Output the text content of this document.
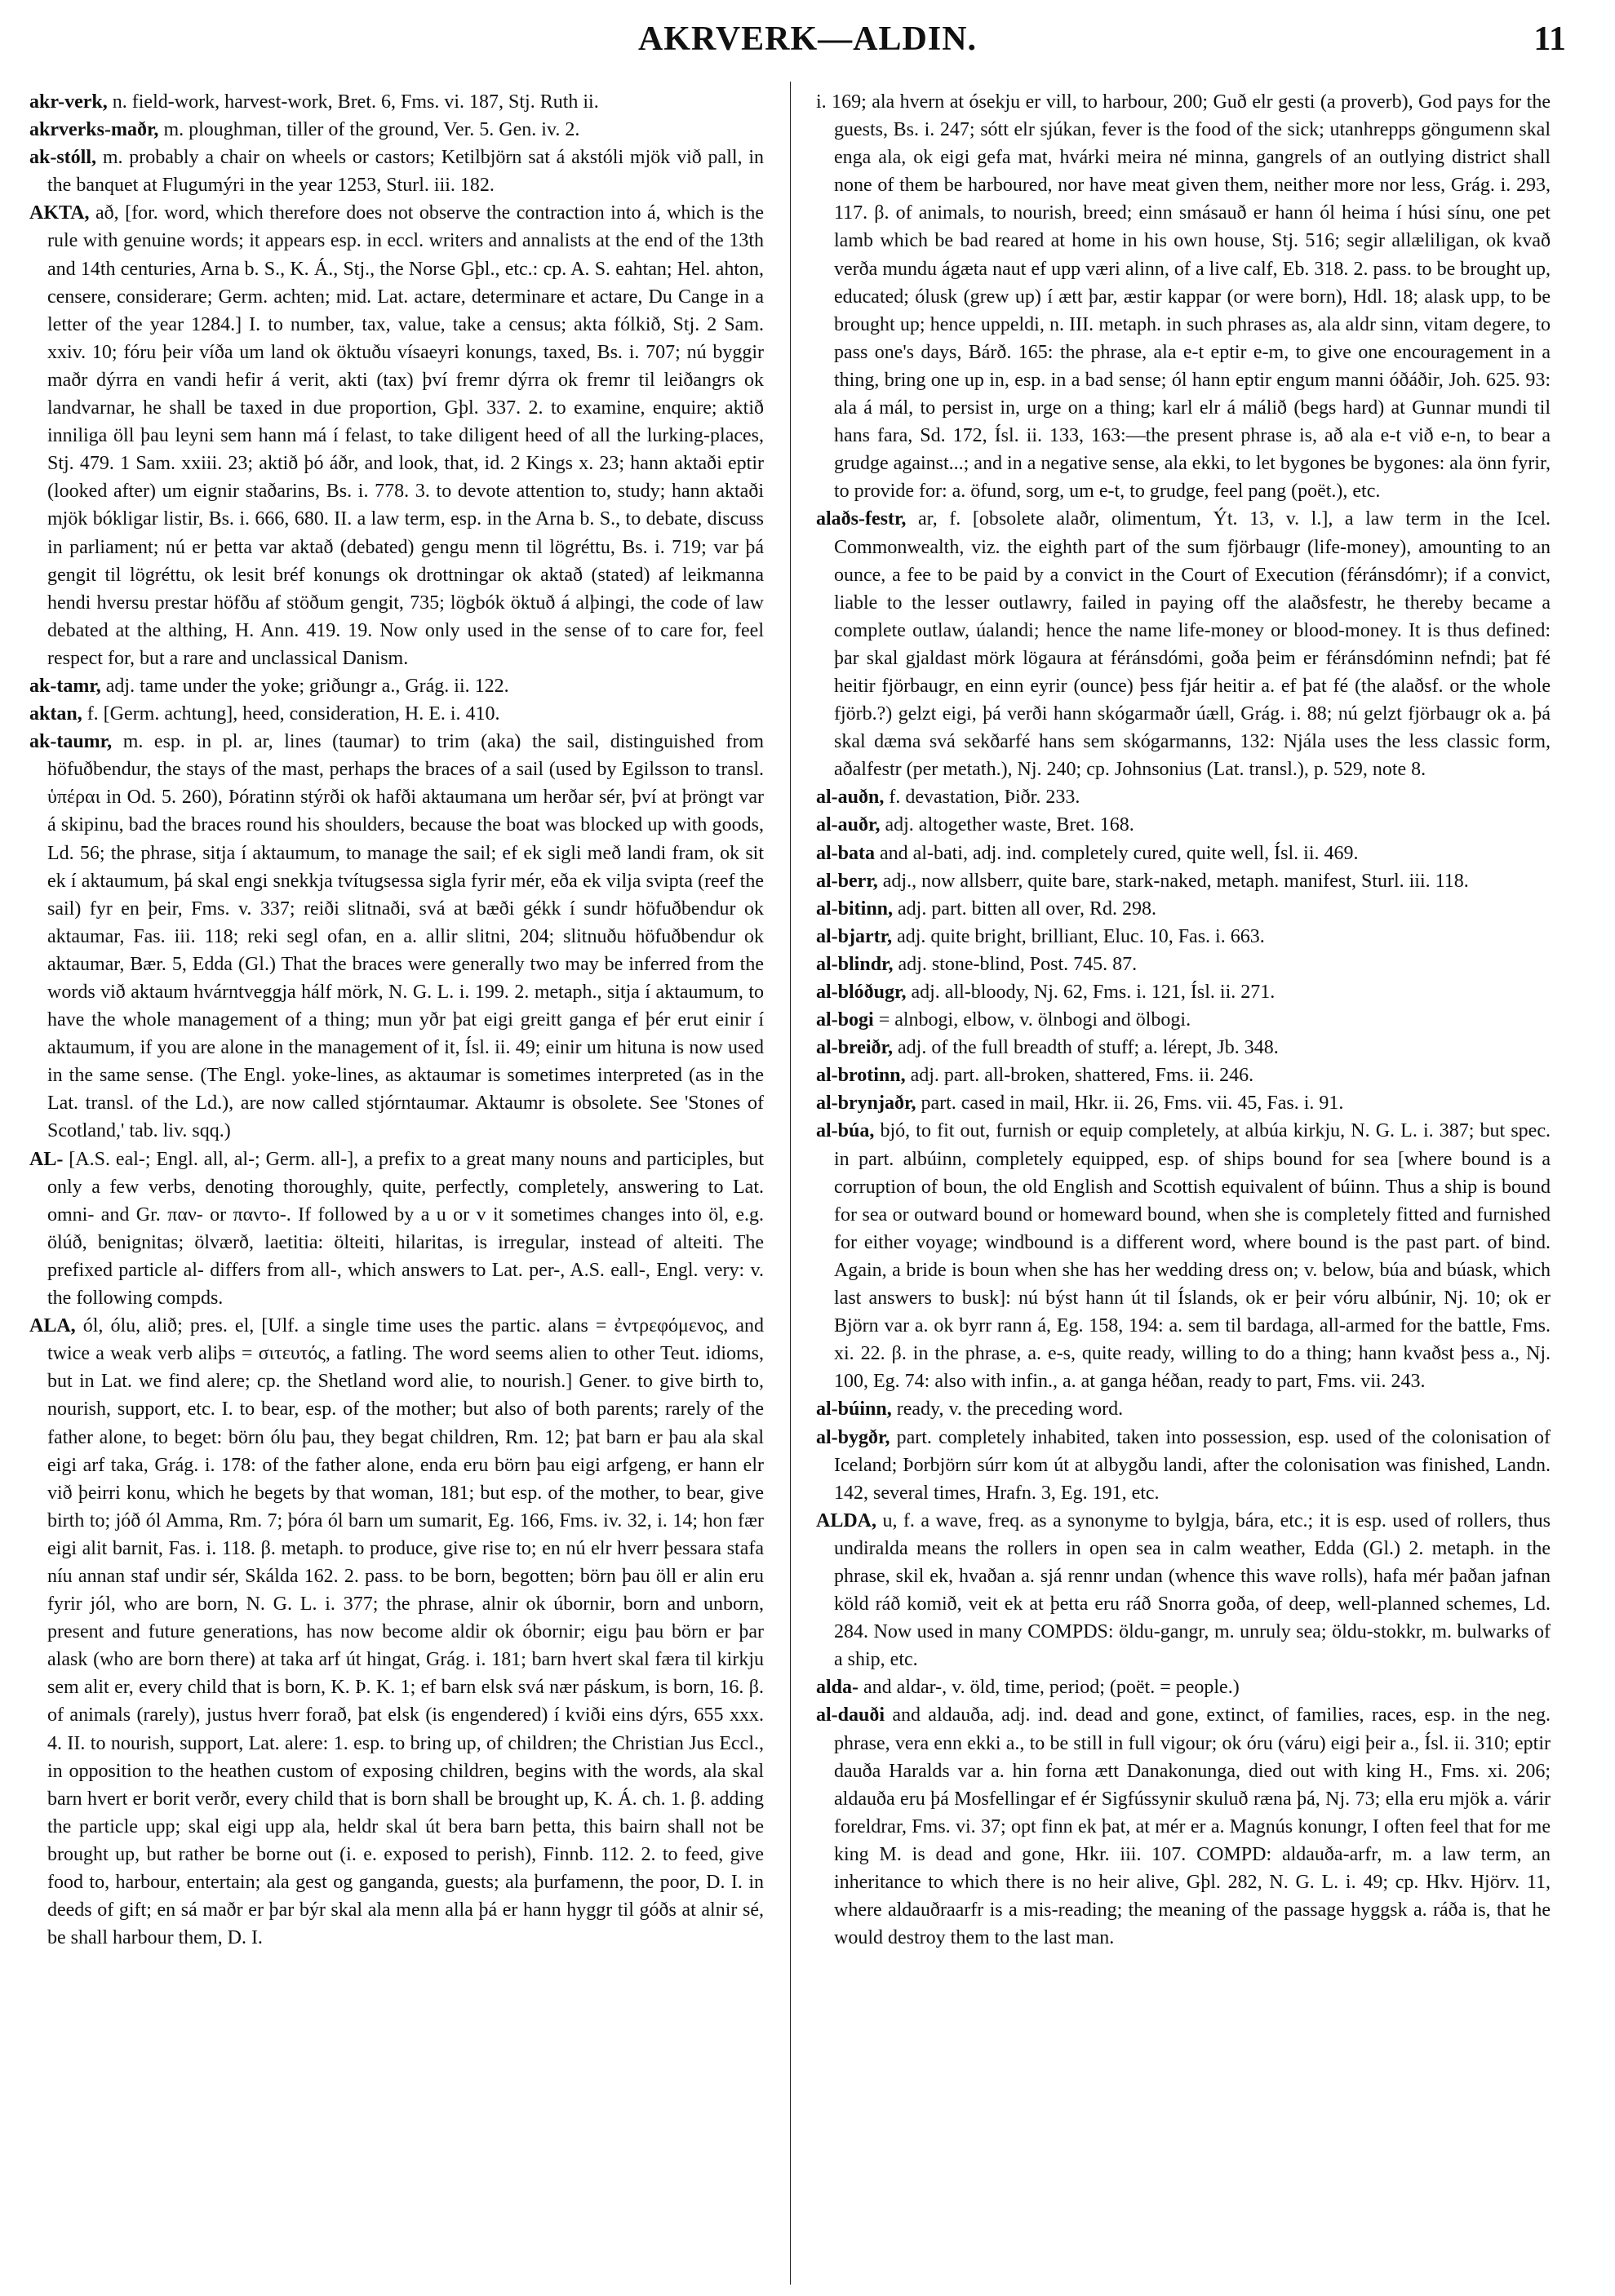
AKRVERK—ALDIN.	11

akr-verk, n. field-work, harvest-work, Bret. 6, Fms. vi. 187, Stj. Ruth ii.

akrverks-maðr, m. ploughman, tiller of the ground, Ver. 5. Gen. iv. 2.

ak-stóll, m. probably a chair on wheels or castors; Ketilbjörn sat á akstóli mjök við pall, in the banquet at Flugumýri in the year 1253, Sturl. iii. 182.

AKTA, að, [for. word, which therefore does not observe the contraction into á, which is the rule with genuine words; it appears esp. in eccl. writers and annalists at the end of the 13th and 14th centuries, Arna b. S., K. Á., Stj., the Norse Gþl., etc.: cp. A. S. eahtan; Hel. ahton, censere, considerare; Germ. achten; mid. Lat. actare, determinare et actare, Du Cange in a letter of the year 1284.] I. to number, tax, value, take a census; akta fólkið, Stj. 2 Sam. xxiv. 10; fóru þeir víða um land ok öktuðu vísaeyri konungs, taxed, Bs. i. 707; nú byggir maðr dýrra en vandi hefir á verit, akti (tax) því fremr dýrra ok fremr til leiðangrs ok landvarnar, he shall be taxed in due proportion, Gþl. 337. 2. to examine, enquire; aktið inniliga öll þau leyni sem hann má í felast, to take diligent heed of all the lurking-places, Stj. 479. 1 Sam. xxiii. 23; aktið þó áðr, and look, that, id. 2 Kings x. 23; hann aktaði eptir (looked after) um eignir staðarins, Bs. i. 778. 3. to devote attention to, study; hann aktaði mjök bókligar listir, Bs. i. 666, 680. II. a law term, esp. in the Arna b. S., to debate, discuss in parliament; nú er þetta var aktað (debated) gengu menn til lögréttu, Bs. i. 719; var þá gengit til lögréttu, ok lesit bréf konungs ok drottningar ok aktað (stated) af leikmanna hendi hversu prestar höfðu af stöðum gengit, 735; lögbók öktuð á alþingi, the code of law debated at the althing, H. Ann. 419. 19. Now only used in the sense of to care for, feel respect for, but a rare and unclassical Danism.

ak-tamr, adj. tame under the yoke; griðungr a., Grág. ii. 122.

aktan, f. [Germ. achtung], heed, consideration, H. E. i. 410.

ak-taumr, m. esp. in pl. ar, lines (taumar) to trim (aka) the sail, distinguished from höfuðbendur, the stays of the mast, perhaps the braces of a sail (used by Egilsson to transl. ὑπέραι in Od. 5. 260), Þóratinn stýrði ok hafði aktaumana um herðar sér, því at þröngt var á skipinu, bad the braces round his shoulders, because the boat was blocked up with goods, Ld. 56; the phrase, sitja í aktaumum, to manage the sail; ef ek sigli með landi fram, ok sit ek í aktaumum, þá skal engi snekkja tvítugsessa sigla fyrir mér, eða ek vilja svipta (reef the sail) fyr en þeir, Fms. v. 337; reiði slitnaði, svá at bæði gékk í sundr höfuðbendur ok aktaumar, Fas. iii. 118; reki segl ofan, en a. allir slitni, 204; slitnuðu höfuðbendur ok aktaumar, Bær. 5, Edda (Gl.) That the braces were generally two may be inferred from the words við aktaum hvárntveggja hálf mörk, N. G. L. i. 199. 2. metaph., sitja í aktaumum, to have the whole management of a thing; mun yðr þat eigi greitt ganga ef þér erut einir í aktaumum, if you are alone in the management of it, Ísl. ii. 49; einir um hituna is now used in the same sense. (The Engl. yoke-lines, as aktaumar is sometimes interpreted (as in the Lat. transl. of the Ld.), are now called stjórntaumar. Aktaumr is obsolete. See 'Stones of Scotland,' tab. liv. sqq.)

AL- [A.S. eal-; Engl. all, al-; Germ. all-], a prefix to a great many nouns and participles, but only a few verbs, denoting thoroughly, quite, perfectly, completely, answering to Lat. omni- and Gr. παν- or παντο-. If followed by a u or v it sometimes changes into öl, e.g. ölúð, benignitas; ölværð, laetitia: ölteiti, hilaritas, is irregular, instead of alteiti. The prefixed particle al- differs from all-, which answers to Lat. per-, A.S. eall-, Engl. very: v. the following compds.

ALA, ól, ólu, alið; pres. el, [Ulf. a single time uses the partic. alans = ἐντρεφόμενος, and twice a weak verb aliþs = σιτευτός, a fatling. The word seems alien to other Teut. idioms, but in Lat. we find alere; cp. the Shetland word alie, to nourish.] Gener. to give birth to, nourish, support, etc. I. to bear, esp. of the mother; but also of both parents; rarely of the father alone, to beget: börn ólu þau, they begat children, Rm. 12; þat barn er þau ala skal eigi arf taka, Grág. i. 178: of the father alone, enda eru börn þau eigi arfgeng, er hann elr við þeirri konu, which he begets by that woman, 181; but esp. of the mother, to bear, give birth to; jóð ól Amma, Rm. 7; þóra ól barn um sumarit, Eg. 166, Fms. iv. 32, i. 14; hon fær eigi alit barnit, Fas. i. 118. β. metaph. to produce, give rise to; en nú elr hverr þessara stafa níu annan staf undir sér, Skálda 162. 2. pass. to be born, begotten; börn þau öll er alin eru fyrir jól, who are born, N. G. L. i. 377; the phrase, alnir ok úbornir, born and unborn, present and future generations, has now become aldir ok óbornir; eigu þau börn er þar alask (who are born there) at taka arf út hingat, Grág. i. 181; barn hvert skal færa til kirkju sem alit er, every child that is born, K. Þ. K. 1; ef barn elsk svá nær páskum, is born, 16. β. of animals (rarely), justus hverr forað, þat elsk (is engendered) í kviði eins dýrs, 655 xxx. 4. II. to nourish, support, Lat. alere: 1. esp. to bring up, of children; the Christian Jus Eccl., in opposition to the heathen custom of exposing children, begins with the words, ala skal barn hvert er borit verðr, every child that is born shall be brought up, K. Á. ch. 1. β. adding the particle upp; skal eigi upp ala, heldr skal út bera barn þetta, this bairn shall not be brought up, but rather be borne out (i. e. exposed to perish), Finnb. 112. 2. to feed, give food to, harbour, entertain; ala gest og ganganda, guests; ala þurfamenn, the poor, D. I. in deeds of gift; en sá maðr er þar býr skal ala menn alla þá er hann hyggr til góðs at alnir sé, be shall harbour them, D. I.

i. 169; ala hvern at ósekju er vill, to harbour, 200; Guð elr gesti (a proverb), God pays for the guests, Bs. i. 247; sótt elr sjúkan, fever is the food of the sick; utanhrepps göngumenn skal enga ala, ok eigi gefa mat, hvárki meira né minna, gangrels of an outlying district shall none of them be harboured, nor have meat given them, neither more nor less, Grág. i. 293, 117. β. of animals, to nourish, breed; einn smásauð er hann ól heima í húsi sínu, one pet lamb which be bad reared at home in his own house, Stj. 516; segir allæliligan, ok kvað verða mundu ágæta naut ef upp væri alinn, of a live calf, Eb. 318. 2. pass. to be brought up, educated; ólusk (grew up) í ætt þar, æstir kappar (or were born), Hdl. 18; alask upp, to be brought up; hence uppeldi, n. III. metaph. in such phrases as, ala aldr sinn, vitam degere, to pass one's days, Bárð. 165: the phrase, ala e-t eptir e-m, to give one encouragement in a thing, bring one up in, esp. in a bad sense; ól hann eptir engum manni óðáðir, Joh. 625. 93: ala á mál, to persist in, urge on a thing; karl elr á málið (begs hard) at Gunnar mundi til hans fara, Sd. 172, Ísl. ii. 133, 163:—the present phrase is, að ala e-t við e-n, to bear a grudge against...; and in a negative sense, ala ekki, to let bygones be bygones: ala önn fyrir, to provide for: a. öfund, sorg, um e-t, to grudge, feel pang (poët.), etc.

alaðs-festr, ar, f. [obsolete alaðr, olimentum, Ýt. 13, v. l.], a law term in the Icel. Commonwealth, viz. the eighth part of the sum fjörbaugr (life-money), amounting to an ounce, a fee to be paid by a convict in the Court of Execution (féránsdómr); if a convict, liable to the lesser outlawry, failed in paying off the alaðsfestr, he thereby became a complete outlaw, úalandi; hence the name life-money or blood-money. It is thus defined: þar skal gjaldast mörk lögaura at féránsdómi, goða þeim er féránsdóminn nefndi; þat fé heitir fjörbaugr, en einn eyrir (ounce) þess fjár heitir a. ef þat fé (the alaðsf. or the whole fjörb.?) gelzt eigi, þá verði hann skógarmaðr úæll, Grág. i. 88; nú gelzt fjörbaugr ok a. þá skal dæma svá sekðarfé hans sem skógarmanns, 132: Njála uses the less classic form, aðalfestr (per metath.), Nj. 240; cp. Johnsonius (Lat. transl.), p. 529, note 8.

al-auðn, f. devastation, Þiðr. 233.

al-auðr, adj. altogether waste, Bret. 168.

al-bata and al-bati, adj. ind. completely cured, quite well, Ísl. ii. 469.

al-berr, adj., now allsberr, quite bare, stark-naked, metaph. manifest, Sturl. iii. 118.

al-bitinn, adj. part. bitten all over, Rd. 298.

al-bjartr, adj. quite bright, brilliant, Eluc. 10, Fas. i. 663.

al-blindr, adj. stone-blind, Post. 745. 87.

al-blóðugr, adj. all-bloody, Nj. 62, Fms. i. 121, Ísl. ii. 271.

al-bogi = alnbogi, elbow, v. ölnbogi and ölbogi.

al-breiðr, adj. of the full breadth of stuff; a. lérept, Jb. 348.

al-brotinn, adj. part. all-broken, shattered, Fms. ii. 246.

al-brynjaðr, part. cased in mail, Hkr. ii. 26, Fms. vii. 45, Fas. i. 91.

al-búa, bjó, to fit out, furnish or equip completely, at albúa kirkju, N. G. L. i. 387; but spec. in part. albúinn, completely equipped, esp. of ships bound for sea [where bound is a corruption of boun, the old English and Scottish equivalent of búinn. Thus a ship is bound for sea or outward bound or homeward bound, when she is completely fitted and furnished for either voyage; windbound is a different word, where bound is the past part. of bind. Again, a bride is boun when she has her wedding dress on; v. below, búa and búask, which last answers to busk]: nú býst hann út til Íslands, ok er þeir vóru albúnir, Nj. 10; ok er Björn var a. ok byrr rann á, Eg. 158, 194: a. sem til bardaga, all-armed for the battle, Fms. xi. 22. β. in the phrase, a. e-s, quite ready, willing to do a thing; hann kvaðst þess a., Nj. 100, Eg. 74: also with infin., a. at ganga héðan, ready to part, Fms. vii. 243.

al-búinn, ready, v. the preceding word.

al-bygðr, part. completely inhabited, taken into possession, esp. used of the colonisation of Iceland; Þorbjörn súrr kom út at albygðu landi, after the colonisation was finished, Landn. 142, several times, Hrafn. 3, Eg. 191, etc.

ALDA, u, f. a wave, freq. as a synonyme to bylgja, bára, etc.; it is esp. used of rollers, thus undiralda means the rollers in open sea in calm weather, Edda (Gl.) 2. metaph. in the phrase, skil ek, hvaðan a. sjá rennr undan (whence this wave rolls), hafa mér þaðan jafnan köld ráð komið, veit ek at þetta eru ráð Snorra goða, of deep, well-planned schemes, Ld. 284. Now used in many COMPDS: öldu-gangr, m. unruly sea; öldu-stokkr, m. bulwarks of a ship, etc.

alda- and aldar-, v. öld, time, period; (poët. = people.)

al-dauði and aldauða, adj. ind. dead and gone, extinct, of families, races, esp. in the neg. phrase, vera enn ekki a., to be still in full vigour; ok óru (váru) eigi þeir a., Ísl. ii. 310; eptir dauða Haralds var a. hin forna ætt Danakonunga, died out with king H., Fms. xi. 206; aldauða eru þá Mosfellingar ef ér Sigfússynir skuluð ræna þá, Nj. 73; ella eru mjök a. várir foreldrar, Fms. vi. 37; opt finn ek þat, at mér er a. Magnús konungr, I often feel that for me king M. is dead and gone, Hkr. iii. 107. COMPD: aldauða-arfr, m. a law term, an inheritance to which there is no heir alive, Gþl. 282, N. G. L. i. 49; cp. Hkv. Hjörv. 11, where aldauðraarfr is a mis-reading; the meaning of the passage hyggsk a. ráða is, that he would destroy them to the last man.
